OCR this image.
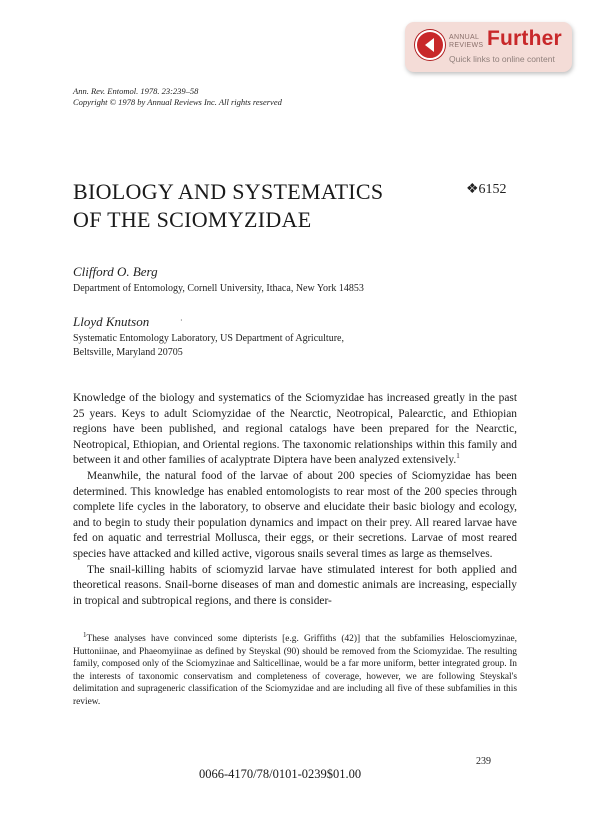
ANNUAL
REVIEWS Further
Quick links to online content
Ann. Rev. Entomol. 1978. 23:239–58
Copyright © 1978 by Annual Reviews Inc. All rights reserved
BIOLOGY AND SYSTEMATICS
OF THE SCIOMYZIDAE
❖6152
Clifford O. Berg
Department of Entomology, Cornell University, Ithaca, New York 14853
Lloyd Knutson	·
Systematic Entomology Laboratory, US Department of Agriculture,
Beltsville, Maryland 20705

Knowledge of the biology and systematics of the Sciomyzidae has increased greatly in the past 25 years. Keys to adult Sciomyzidae of the Nearctic, Neotropical, Palearctic, and Ethiopian regions have been published, and regional catalogs have been prepared for the Nearctic, Neotropical, Ethiopian, and Oriental regions. The taxonomic relationships within this family and between it and other families of acalyptrate Diptera have been analyzed extensively.$^1$

Meanwhile, the natural food of the larvae of about 200 species of Sciomyzidae has been determined. This knowledge has enabled entomologists to rear most of the 200 species through complete life cycles in the laboratory, to observe and elucidate their basic biology and ecology, and to begin to study their population dynamics and impact on their prey. All reared larvae have fed on aquatic and terrestrial Mollusca, their eggs, or their secretions. Larvae of most reared species have attacked and killed active, vigorous snails several times as large as themselves.

The snail-killing habits of sciomyzid larvae have stimulated interest for both applied and theoretical reasons. Snail-borne diseases of man and domestic animals are increasing, especially in tropical and subtropical regions, and there is consider-

$^1$These analyses have convinced some dipterists [e.g. Griffiths (42)] that the subfamilies Helosciomyzinae, Huttoniinae, and Phaeomyiinae as defined by Steyskal (90) should be removed from the Sciomyzidae. The resulting family, composed only of the Sciomyzinae and Salticellinae, would be a far more uniform, better integrated group. In the interests of taxonomic conservatism and completeness of coverage, however, we are following Steyskal's delimitation and suprageneric classification of the Sciomyzidae and are including all five of these subfamilies in this review.

239
0066-4170/78/0101-0239$01.00
